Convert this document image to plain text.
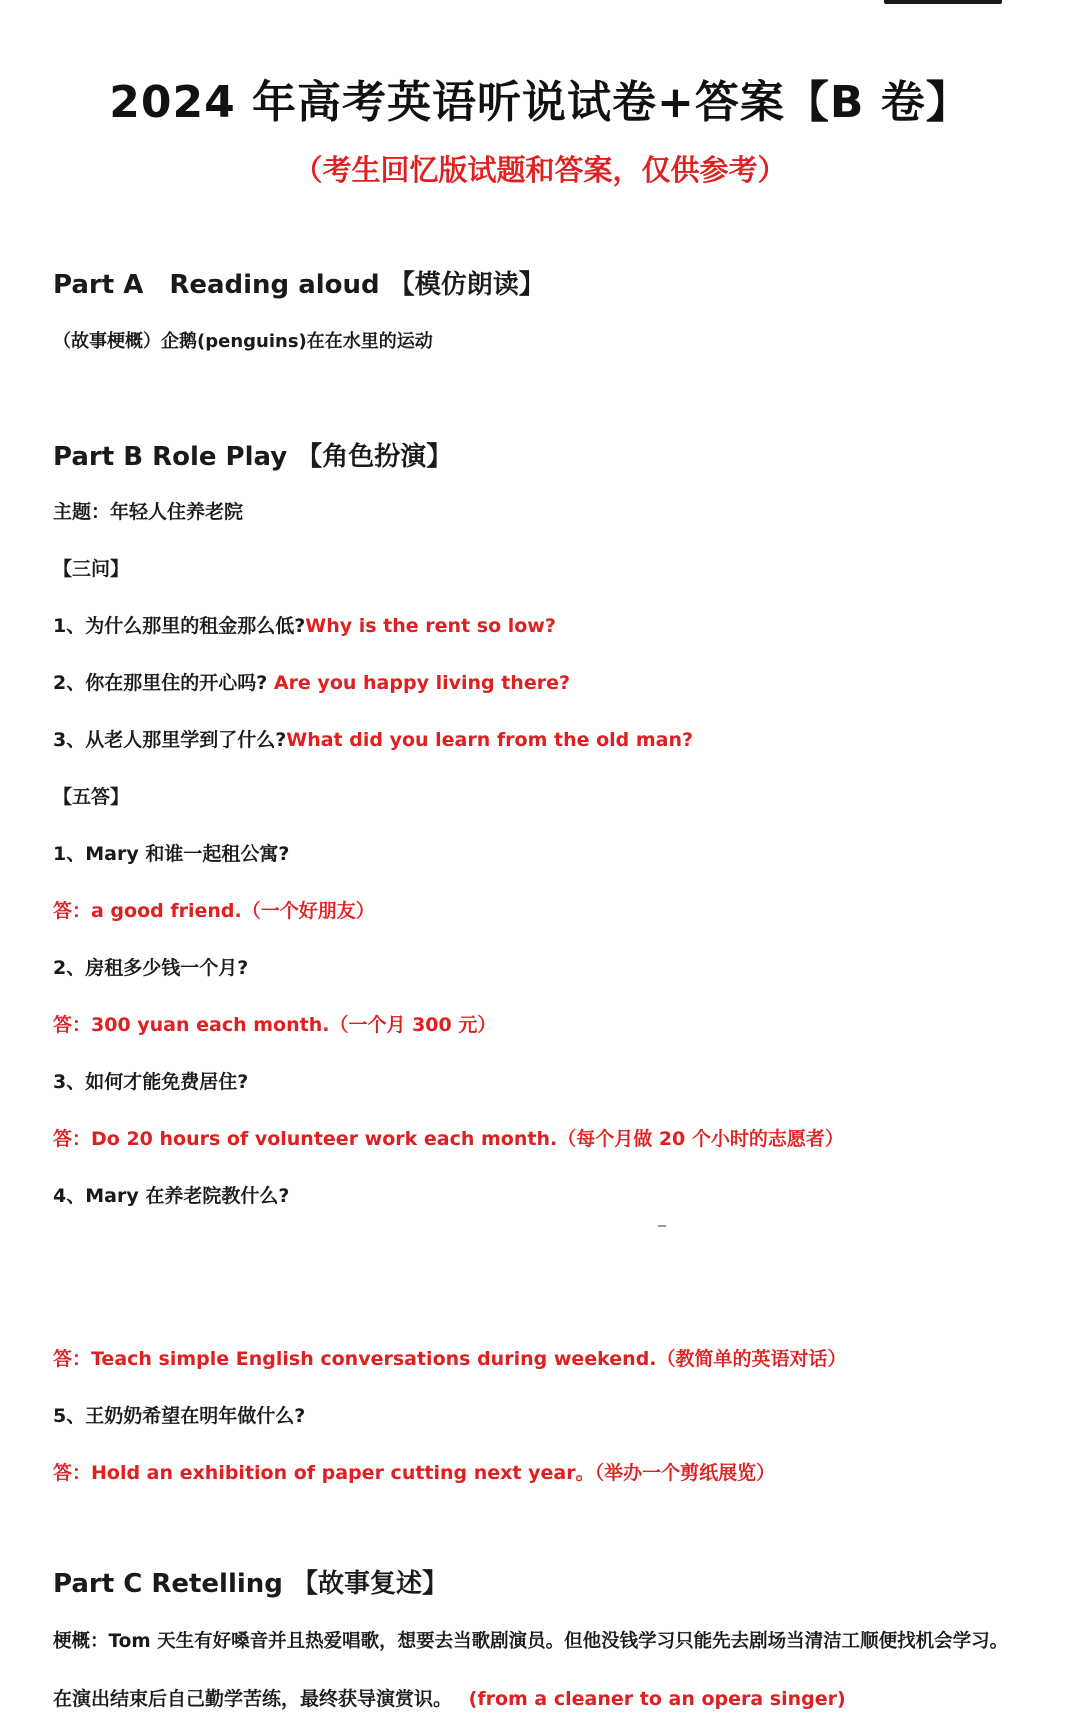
2024 年高考英语听说试卷+答案【B 卷】
（考生回忆版试题和答案，仅供参考）
Part A　Reading aloud 【模仿朗读】
（故事梗概）企鹅(penguins)在在水里的运动
Part B Role Play 【角色扮演】
主题：年轻人住养老院
【三问】
1、为什么那里的租金那么低?Why is the rent so low?
2、你在那里住的开心吗? Are you happy living there?
3、从老人那里学到了什么?What did you learn from the old man?
【五答】
1、Mary 和谁一起租公寓?
答：a good friend.（一个好朋友）
2、房租多少钱一个月?
答：300 yuan each month.（一个月 300 元）
3、如何才能免费居住?
答：Do 20 hours of volunteer work each month.（每个月做 20 个小时的志愿者）
4、Mary 在养老院教什么?
答：Teach simple English conversations during weekend.（教简单的英语对话）
5、王奶奶希望在明年做什么?
答：Hold an exhibition of paper cutting next year。（举办一个剪纸展览）
Part C Retelling 【故事复述】
梗概：Tom 天生有好嗓音并且热爱唱歌，想要去当歌剧演员。但他没钱学习只能先去剧场当清洁工顺便找机会学习。
在演出结束后自己勤学苦练，最终获导演赏识。 (from a cleaner to an opera singer)
